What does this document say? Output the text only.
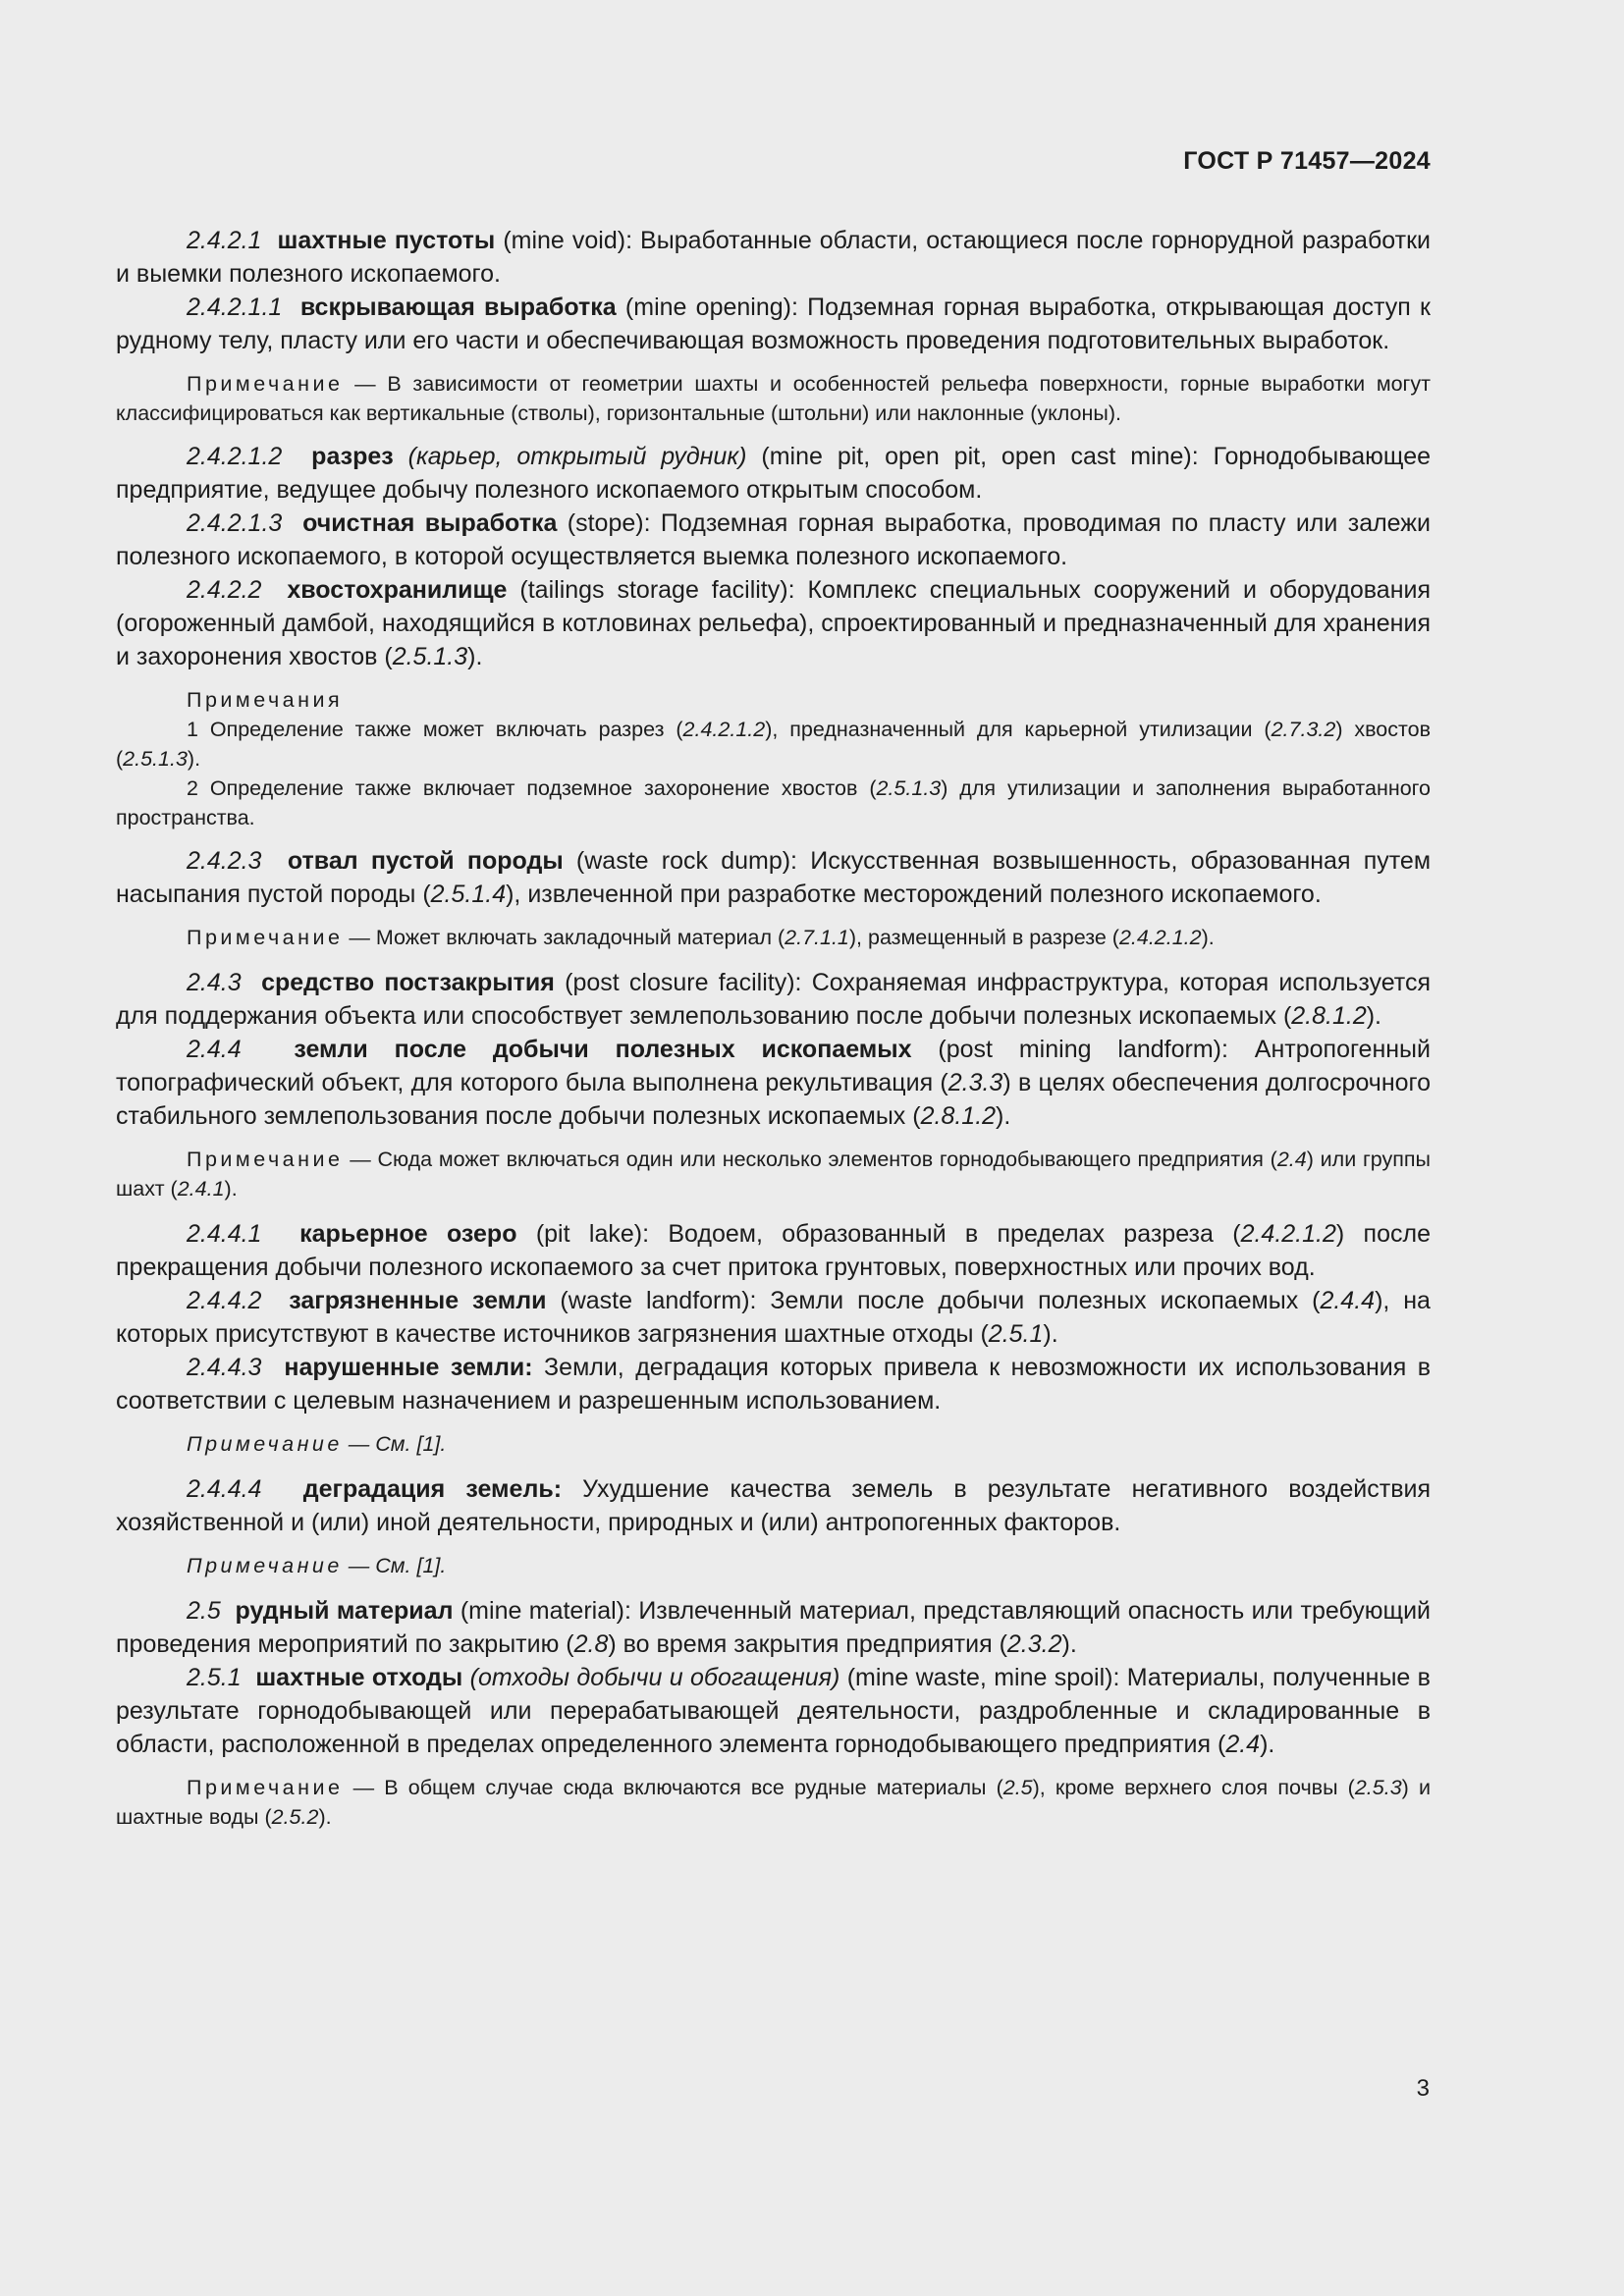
ГОСТ Р 71457—2024

2.4.2.1 шахтные пустоты (mine void): Выработанные области, остающиеся после горнорудной разработки и выемки полезного ископаемого.

2.4.2.1.1 вскрывающая выработка (mine opening): Подземная горная выработка, открывающая доступ к рудному телу, пласту или его части и обеспечивающая возможность проведения подготовительных выработок.

Примечание — В зависимости от геометрии шахты и особенностей рельефа поверхности, горные выработки могут классифицироваться как вертикальные (стволы), горизонтальные (штольни) или наклонные (уклоны).

2.4.2.1.2 разрез (карьер, открытый рудник) (mine pit, open pit, open cast mine): Горнодобывающее предприятие, ведущее добычу полезного ископаемого открытым способом.

2.4.2.1.3 очистная выработка (stope): Подземная горная выработка, проводимая по пласту или залежи полезного ископаемого, в которой осуществляется выемка полезного ископаемого.

2.4.2.2 хвостохранилище (tailings storage facility): Комплекс специальных сооружений и оборудования (огороженный дамбой, находящийся в котловинах рельефа), спроектированный и предназначенный для хранения и захоронения хвостов (2.5.1.3).

Примечания

1 Определение также может включать разрез (2.4.2.1.2), предназначенный для карьерной утилизации (2.7.3.2) хвостов (2.5.1.3).

2 Определение также включает подземное захоронение хвостов (2.5.1.3) для утилизации и заполнения выработанного пространства.

2.4.2.3 отвал пустой породы (waste rock dump): Искусственная возвышенность, образованная путем насыпания пустой породы (2.5.1.4), извлеченной при разработке месторождений полезного ископаемого.

Примечание — Может включать закладочный материал (2.7.1.1), размещенный в разрезе (2.4.2.1.2).

2.4.3 средство постзакрытия (post closure facility): Сохраняемая инфраструктура, которая используется для поддержания объекта или способствует землепользованию после добычи полезных ископаемых (2.8.1.2).

2.4.4 земли после добычи полезных ископаемых (post mining landform): Антропогенный топографический объект, для которого была выполнена рекультивация (2.3.3) в целях обеспечения долгосрочного стабильного землепользования после добычи полезных ископаемых (2.8.1.2).

Примечание — Сюда может включаться один или несколько элементов горнодобывающего предприятия (2.4) или группы шахт (2.4.1).

2.4.4.1 карьерное озеро (pit lake): Водоем, образованный в пределах разреза (2.4.2.1.2) после прекращения добычи полезного ископаемого за счет притока грунтовых, поверхностных или прочих вод.

2.4.4.2 загрязненные земли (waste landform): Земли после добычи полезных ископаемых (2.4.4), на которых присутствуют в качестве источников загрязнения шахтные отходы (2.5.1).

2.4.4.3 нарушенные земли: Земли, деградация которых привела к невозможности их использования в соответствии с целевым назначением и разрешенным использованием.

Примечание — См. [1].

2.4.4.4 деградация земель: Ухудшение качества земель в результате негативного воздействия хозяйственной и (или) иной деятельности, природных и (или) антропогенных факторов.

Примечание — См. [1].

2.5 рудный материал (mine material): Извлеченный материал, представляющий опасность или требующий проведения мероприятий по закрытию (2.8) во время закрытия предприятия (2.3.2).

2.5.1 шахтные отходы (отходы добычи и обогащения) (mine waste, mine spoil): Материалы, полученные в результате горнодобывающей или перерабатывающей деятельности, раздробленные и складированные в области, расположенной в пределах определенного элемента горнодобывающего предприятия (2.4).

Примечание — В общем случае сюда включаются все рудные материалы (2.5), кроме верхнего слоя почвы (2.5.3) и шахтные воды (2.5.2).

3
